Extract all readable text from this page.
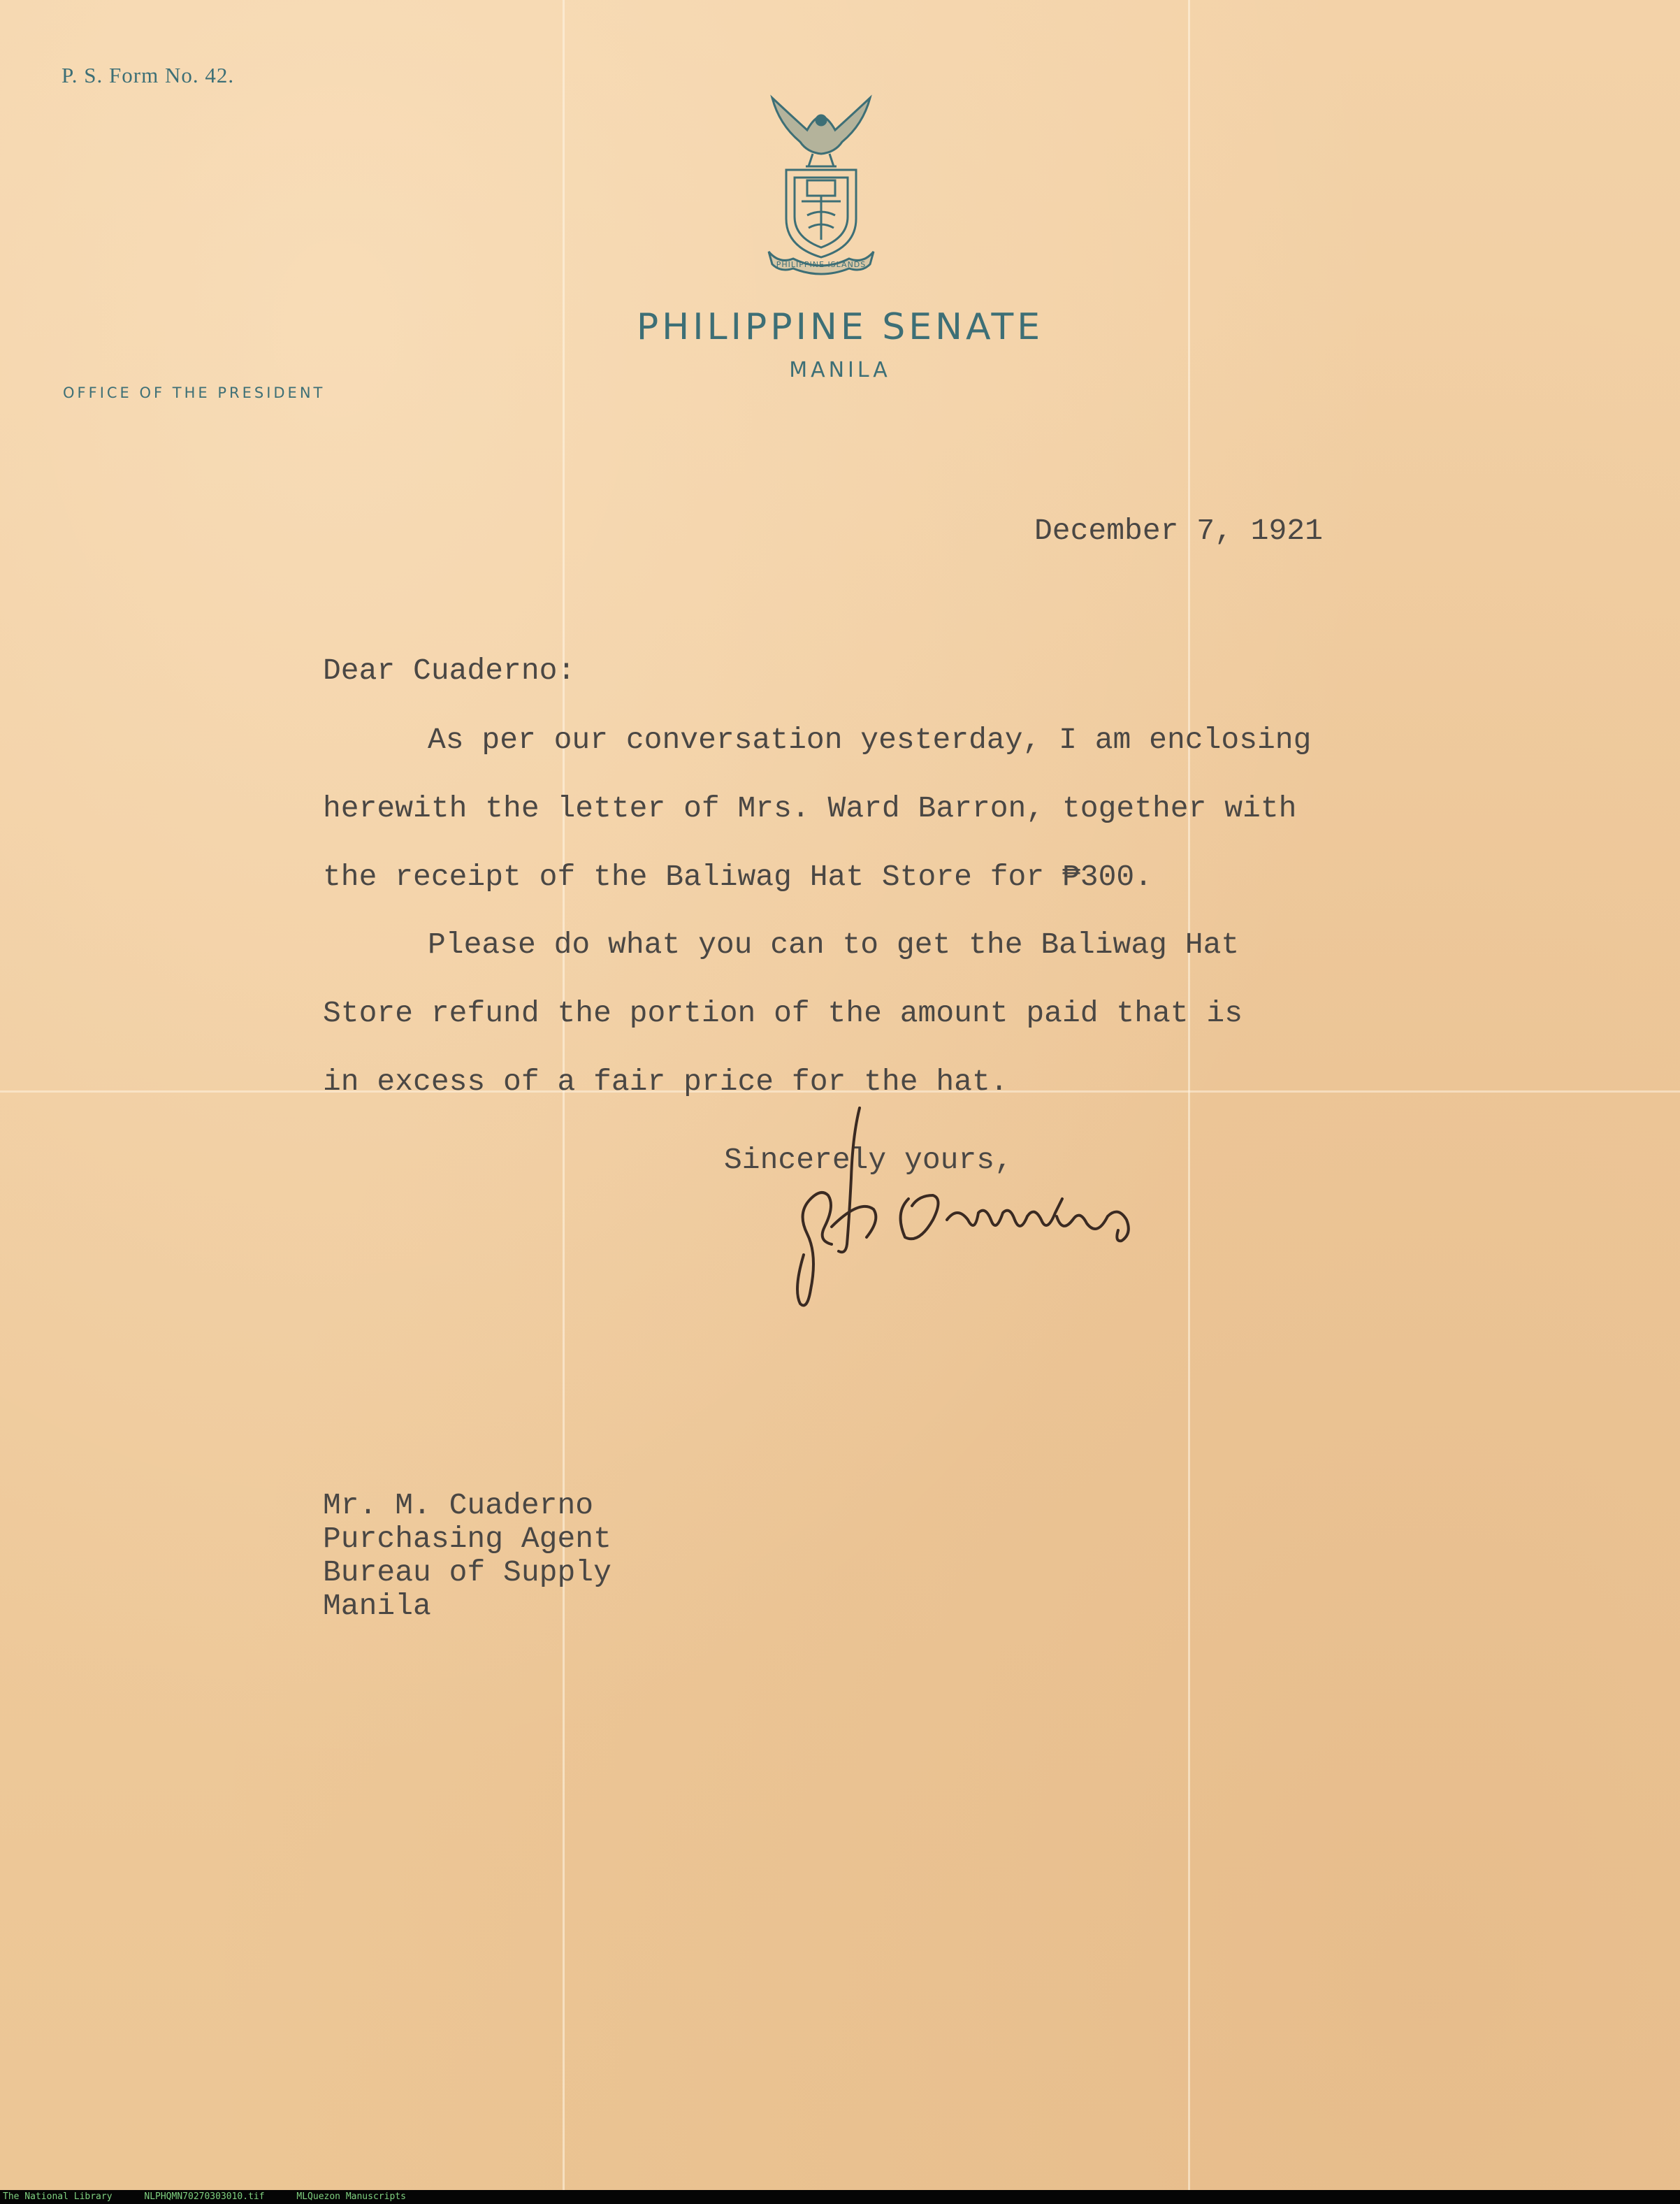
P. S. Form No. 42.
PHILIPPINE ISLANDS
PHILIPPINE SENATE
MANILA
OFFICE OF THE PRESIDENT
December 7, 1921
Dear Cuaderno:
As per our conversation yesterday, I am enclosing
herewith the letter of Mrs. Ward Barron, together with
the receipt of the Baliwag Hat Store for ₱300.
Please do what you can to get the Baliwag Hat
Store refund the portion of the amount paid that is
in excess of a fair price for the hat.
Sincerely yours,
Mr. M. Cuaderno
Purchasing Agent
Bureau of Supply
Manila
The National Library	NLPHQMN70270303010.tif	MLQuezon Manuscripts
